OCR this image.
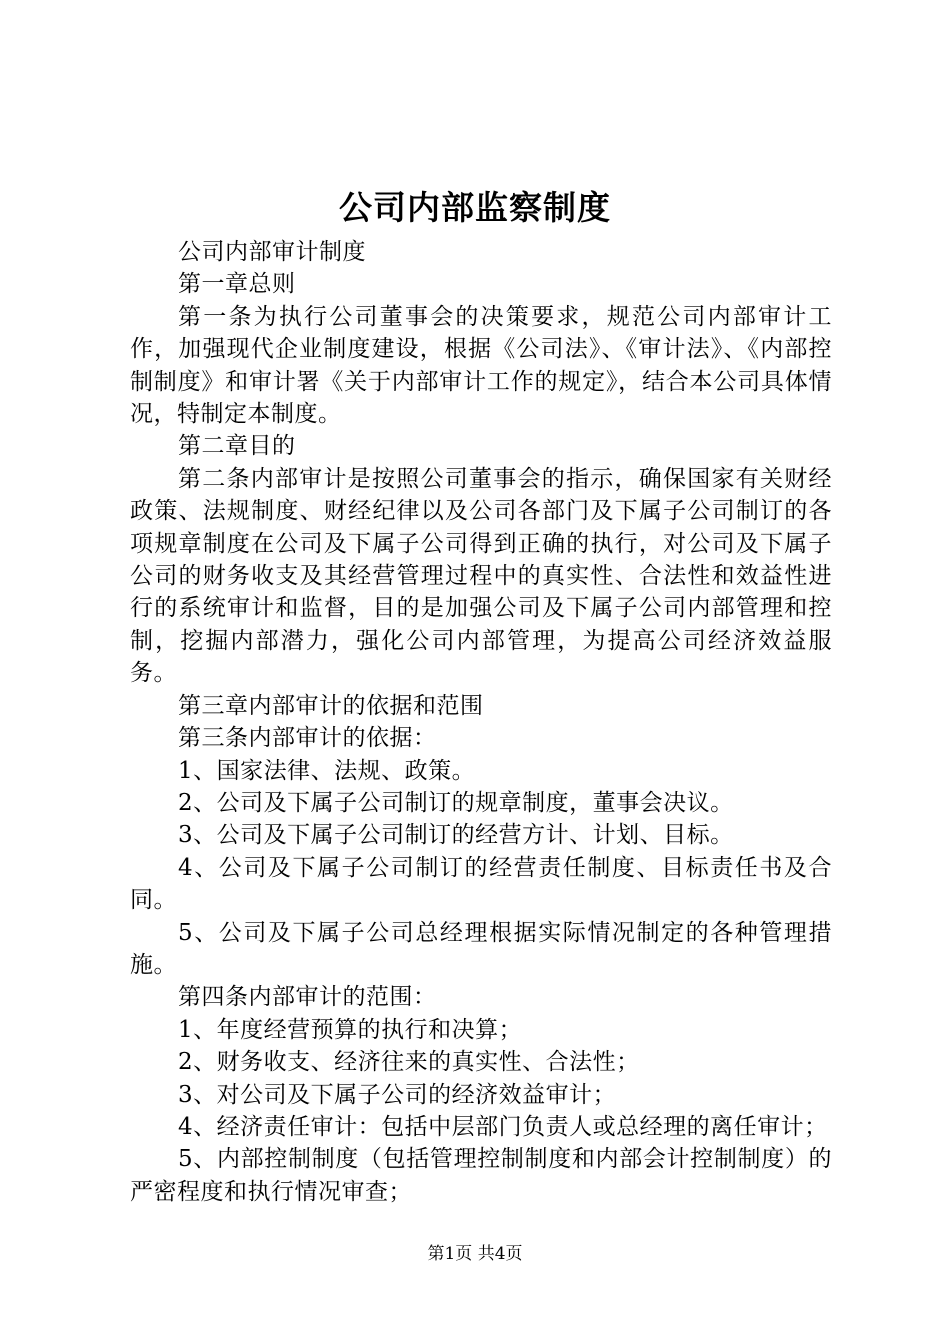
公司内部监察制度

公司内部审计制度

第一章总则

第一条为执行公司董事会的决策要求，规范公司内部审计工作，加强现代企业制度建设，根据《公司法》、《审计法》、《内部控制制度》和审计署《关于内部审计工作的规定》，结合本公司具体情况，特制定本制度。

第二章目的

第二条内部审计是按照公司董事会的指示，确保国家有关财经政策、法规制度、财经纪律以及公司各部门及下属子公司制订的各项规章制度在公司及下属子公司得到正确的执行，对公司及下属子公司的财务收支及其经营管理过程中的真实性、合法性和效益性进行的系统审计和监督，目的是加强公司及下属子公司内部管理和控制，挖掘内部潜力，强化公司内部管理，为提高公司经济效益服务。

第三章内部审计的依据和范围

第三条内部审计的依据：

1、国家法律、法规、政策。

2、公司及下属子公司制订的规章制度，董事会决议。

3、公司及下属子公司制订的经营方计、计划、目标。

4、公司及下属子公司制订的经营责任制度、目标责任书及合同。

5、公司及下属子公司总经理根据实际情况制定的各种管理措施。

第四条内部审计的范围：

1、年度经营预算的执行和决算；

2、财务收支、经济往来的真实性、合法性；

3、对公司及下属子公司的经济效益审计；

4、经济责任审计：包括中层部门负责人或总经理的离任审计；

5、内部控制制度（包括管理控制制度和内部会计控制制度）的严密程度和执行情况审查；

第1页 共4页
